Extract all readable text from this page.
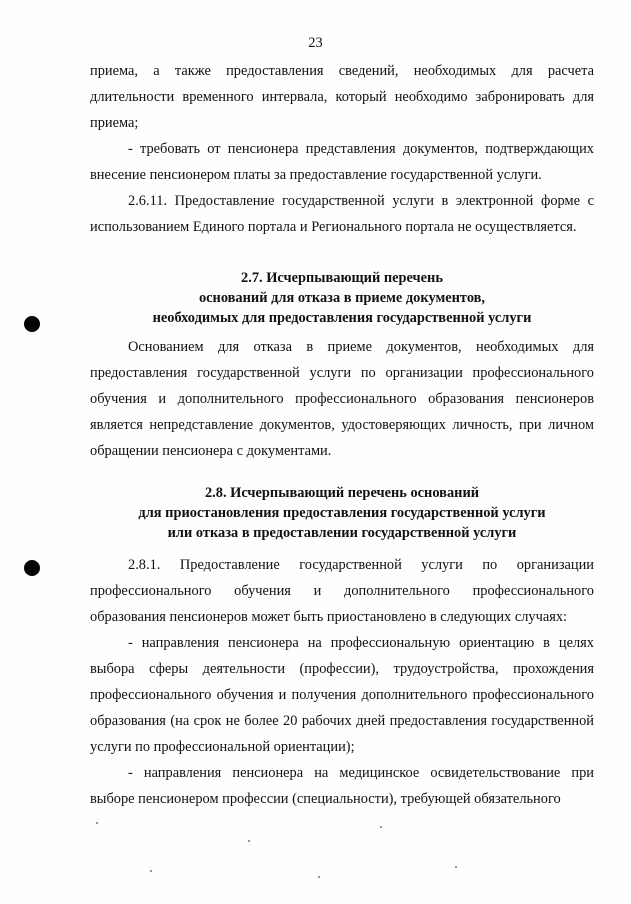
23

приема, а также предоставления сведений, необходимых для расчета длительности временного интервала, который необходимо забронировать для приема;

- требовать от пенсионера представления документов, подтверждающих внесение пенсионером платы за предоставление государственной услуги.

2.6.11. Предоставление государственной услуги в электронной форме с использованием Единого портала и Регионального портала не осуществляется.

2.7. Исчерпывающий перечень
оснований для отказа в приеме документов,
необходимых для предоставления государственной услуги

Основанием для отказа в приеме документов, необходимых для предоставления государственной услуги по организации профессионального обучения и дополнительного профессионального образования пенсионеров является непредставление документов, удостоверяющих личность, при личном обращении пенсионера с документами.

2.8. Исчерпывающий перечень оснований
для приостановления предоставления государственной услуги
или отказа в предоставлении государственной услуги

2.8.1. Предоставление государственной услуги по организации профессионального обучения и дополнительного профессионального образования пенсионеров может быть приостановлено в следующих случаях:

- направления пенсионера на профессиональную ориентацию в целях выбора сферы деятельности (профессии), трудоустройства, прохождения профессионального обучения и получения дополнительного профессионального образования (на срок не более 20 рабочих дней предоставления государственной услуги по профессиональной ориентации);

- направления пенсионера на медицинское освидетельствование при выборе пенсионером профессии (специальности), требующей обязательного
